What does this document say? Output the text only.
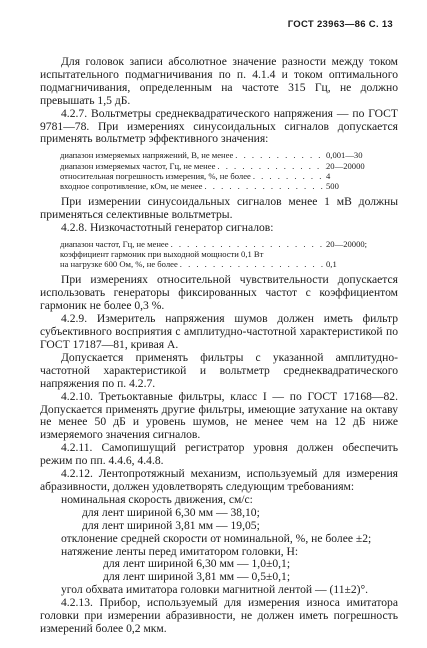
ГОСТ 23963—86 С. 13

Для головок записи абсолютное значение разности между током испытательного подмагничивания по п. 4.1.4 и током оптимального подмагничивания, определенным на частоте 315 Гц, не должно превышать 1,5 дБ.

4.2.7. Вольтметры среднеквадратического напряжения — по ГОСТ 9781—78. При измерениях синусоидальных сигналов допускается применять вольтметр эффективного значения:

диапазон измеряемых напряжений, В, не менее . . .	0,001—30
диапазон измеряемых частот, Гц, не менее . . .	20—20000
относительная погрешность измерения, %, не более . . .	4
входное сопротивление, кОм, не менее . . .	500

При измерении синусоидальных сигналов менее 1 мВ должны применяться селективные вольтметры.

4.2.8. Низкочастотный генератор сигналов:

диапазон частот, Гц, не менее . . .	20—20000;
коэффициент гармоник при выходной мощности 0,1 Вт
на нагрузке 600 Ом, %, не более . . .	0,1

При измерениях относительной чувствительности допускается использовать генераторы фиксированных частот с коэффициентом гармоник не более 0,3 %.

4.2.9. Измеритель напряжения шумов должен иметь фильтр субъективного восприятия с амплитудно-частотной характеристикой по ГОСТ 17187—81, кривая А.

Допускается применять фильтры с указанной амплитудно-частотной характеристикой и вольтметр среднеквадратического напряжения по п. 4.2.7.

4.2.10. Третьоктавные фильтры, класс I — по ГОСТ 17168—82. Допускается применять другие фильтры, имеющие затухание на октаву не менее 50 дБ и уровень шумов, не менее чем на 12 дБ ниже измеряемого значения сигналов.

4.2.11. Самопишущий регистратор уровня должен обеспечить режим по пп. 4.4.6, 4.4.8.

4.2.12. Лентопротяжный механизм, используемый для измерения абразивности, должен удовлетворять следующим требованиям:

номинальная скорость движения, см/с:

для лент шириной 6,30 мм — 38,10;

для лент шириной 3,81 мм — 19,05;

отклонение средней скорости от номинальной, %, не более ±2;

натяжение ленты перед имитатором головки, Н:

для лент шириной 6,30 мм — 1,0±0,1;

для лент шириной 3,81 мм — 0,5±0,1;

угол обхвата имитатора головки магнитной лентой — (11±2)°.

4.2.13. Прибор, используемый для измерения износа имитатора головки при измерении абразивности, не должен иметь погрешность измерений более 0,2 мкм.
